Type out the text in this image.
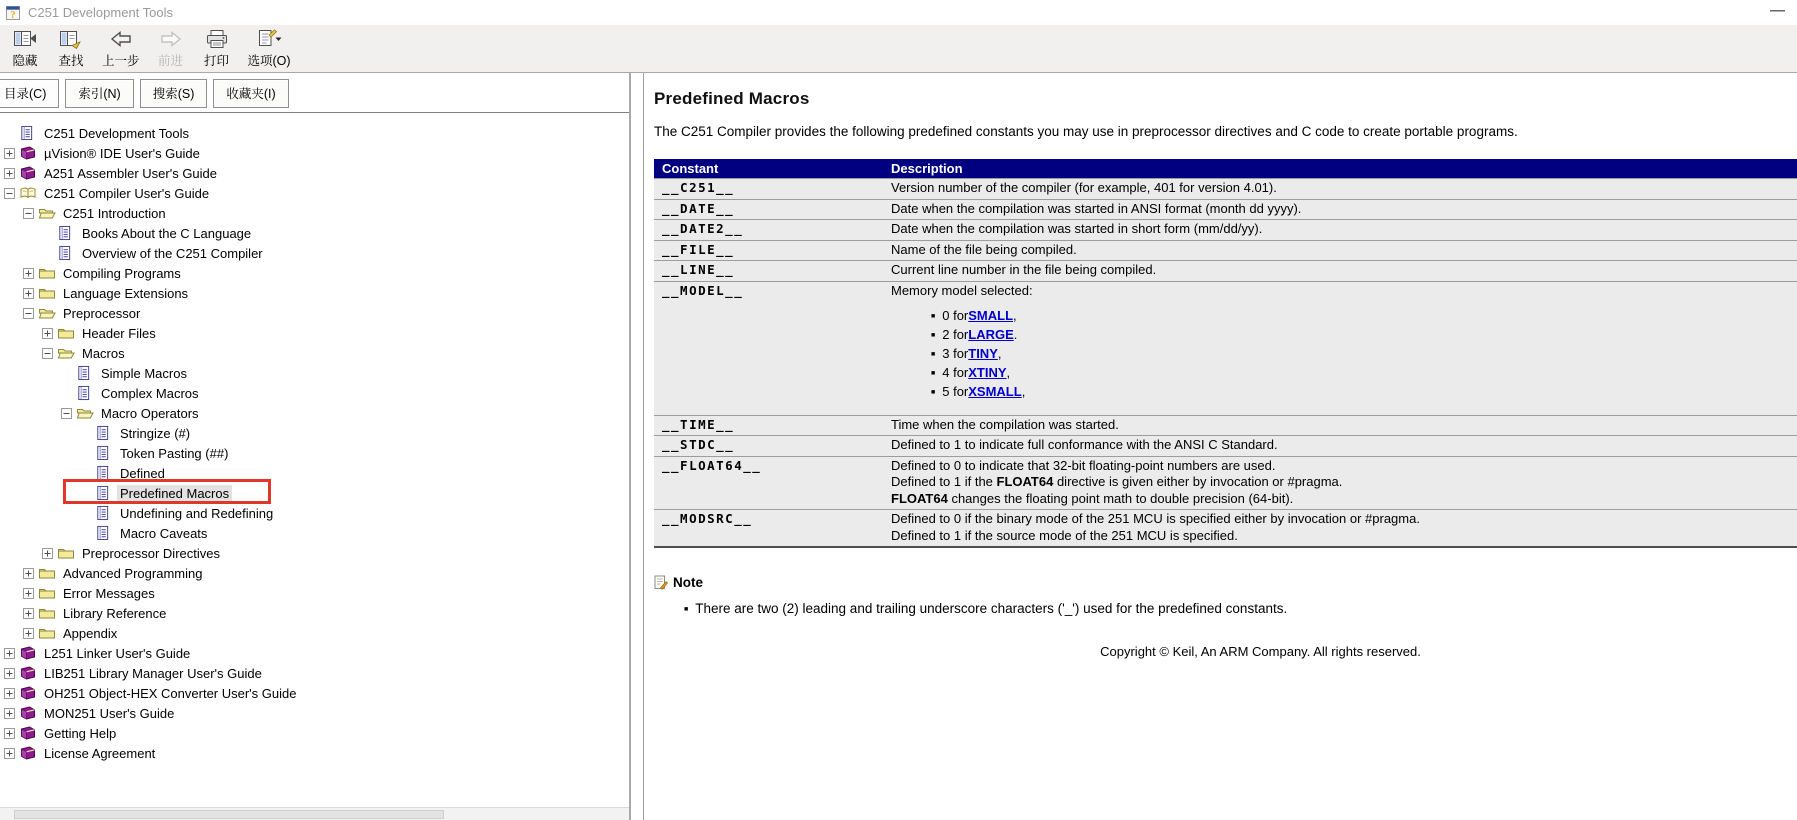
? C251 Development Tools	—
隐藏 查找 上一步 前进 打印 选项(O)
目录(C)	索引(N)	搜索(S)	收藏夹(I)
C251 Development Tools
µVision® IDE User's Guide
A251 Assembler User's Guide
C251 Compiler User's Guide
C251 Introduction
Books About the C Language
Overview of the C251 Compiler
Compiling Programs
Language Extensions
Preprocessor
Header Files
Macros
Simple Macros
Complex Macros
Macro Operators
Stringize (#)
Token Pasting (##)
Defined
Predefined Macros
Undefining and Redefining
Macro Caveats
Preprocessor Directives
Advanced Programming
Error Messages
Library Reference
Appendix
L251 Linker User's Guide
LIB251 Library Manager User's Guide
OH251 Object-HEX Converter User's Guide
MON251 User's Guide
Getting Help
License Agreement
Predefined Macros
The C251 Compiler provides the following predefined constants you may use in preprocessor directives and C code to create portable programs.
Constant	Description
__C251__	Version number of the compiler (for example, 401 for version 4.01).

__DATE__	Date when the compilation was started in ANSI format (month dd yyyy).

__DATE2__	Date when the compilation was started in short form (mm/dd/yy).

__FILE__	Name of the file being compiled.

__LINE__	Current line number in the file being compiled.

__MODEL__	Memory model selected:
■ 0 for SMALL ,
■ 2 for LARGE .
■ 3 for TINY ,
■ 4 for XTINY ,
■ 5 for XSMALL ,

__TIME__	Time when the compilation was started.

__STDC__	Defined to 1 to indicate full conformance with the ANSI C Standard.

__FLOAT64__	Defined to 0 to indicate that 32-bit floating-point numbers are used.
Defined to 1 if the FLOAT64 directive is given either by invocation or #pragma.
FLOAT64 changes the floating point math to double precision (64-bit).

__MODSRC__	Defined to 0 if the binary mode of the 251 MCU is specified either by invocation or #pragma.
Defined to 1 if the source mode of the 251 MCU is specified.
Note
■ There are two (2) leading and trailing underscore characters ('_') used for the predefined constants.
Copyright © Keil, An ARM Company. All rights reserved.
